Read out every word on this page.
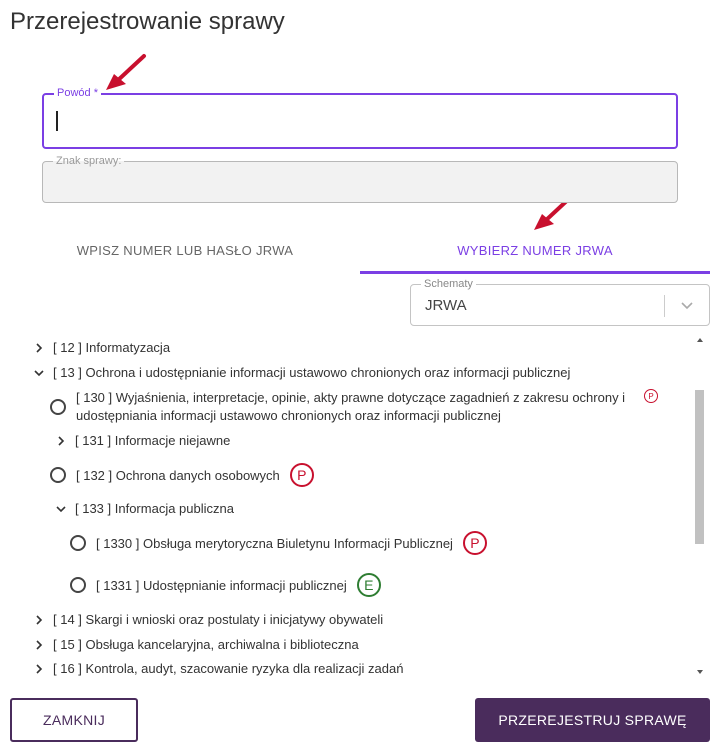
Przerejestrowanie sprawy
Powód *
Znak sprawy:
WPISZ NUMER LUB HASŁO JRWA	WYBIERZ NUMER JRWA
Schematy
JRWA
[ 12 ] Informatyzacja
[ 13 ] Ochrona i udostępnianie informacji ustawowo chronionych oraz informacji publicznej
[ 130 ] Wyjaśnienia, interpretacje, opinie, akty prawne dotyczące zagadnień z zakresu ochrony i
udostępniania informacji ustawowo chronionych oraz informacji publicznej
P
[ 131 ] Informacje niejawne
[ 132 ] Ochrona danych osobowych	P
[ 133 ] Informacja publiczna
[ 1330 ] Obsługa merytoryczna Biuletynu Informacji Publicznej	P
[ 1331 ] Udostępnianie informacji publicznej	E
[ 14 ] Skargi i wnioski oraz postulaty i inicjatywy obywateli
[ 15 ] Obsługa kancelaryjna, archiwalna i biblioteczna
[ 16 ] Kontrola, audyt, szacowanie ryzyka dla realizacji zadań
ZAMKNIJ	PRZEREJESTRUJ SPRAWĘ
